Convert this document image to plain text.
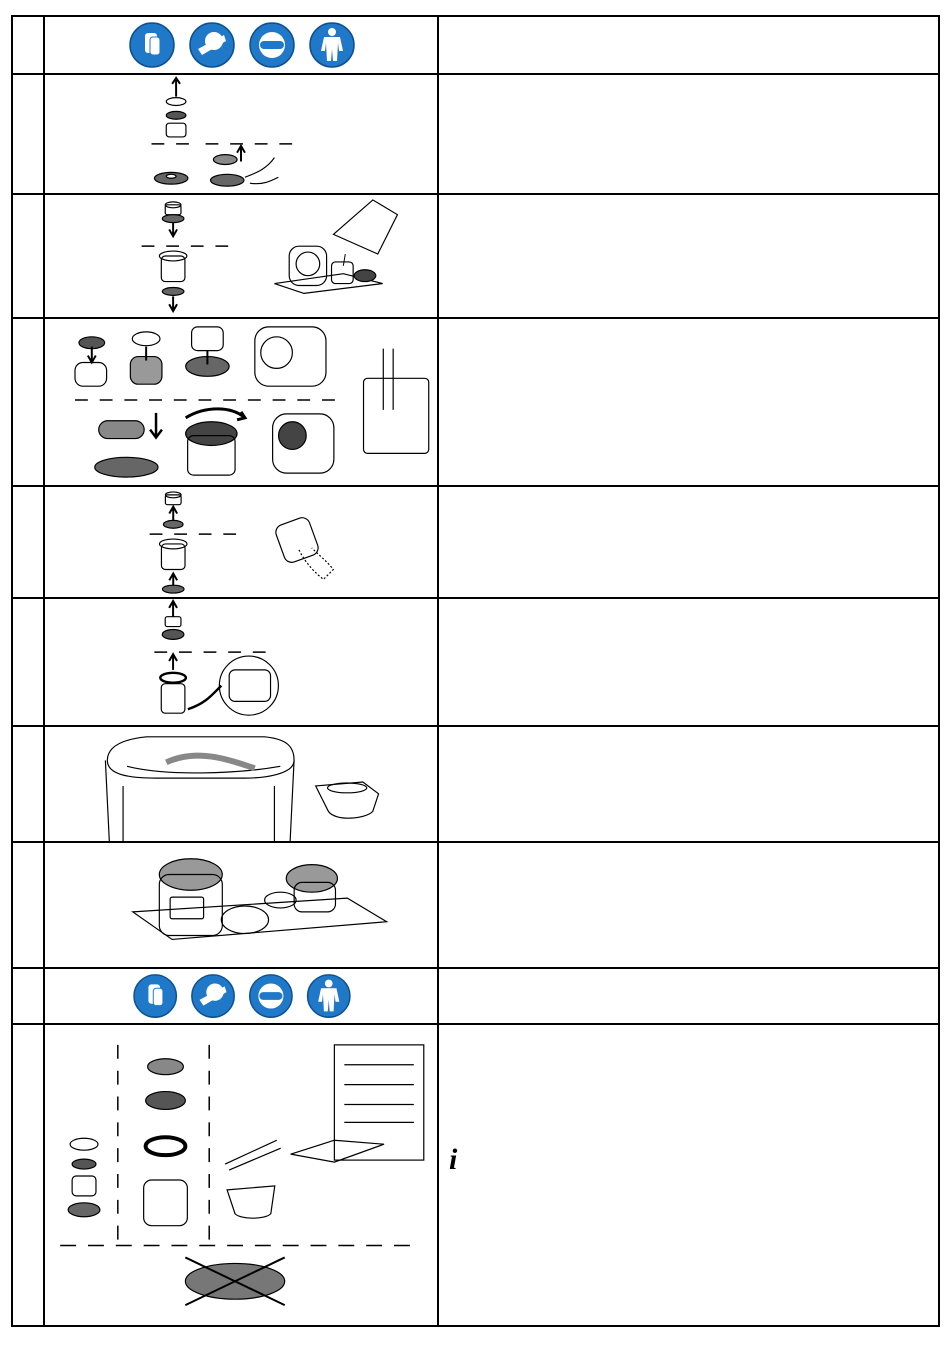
i
